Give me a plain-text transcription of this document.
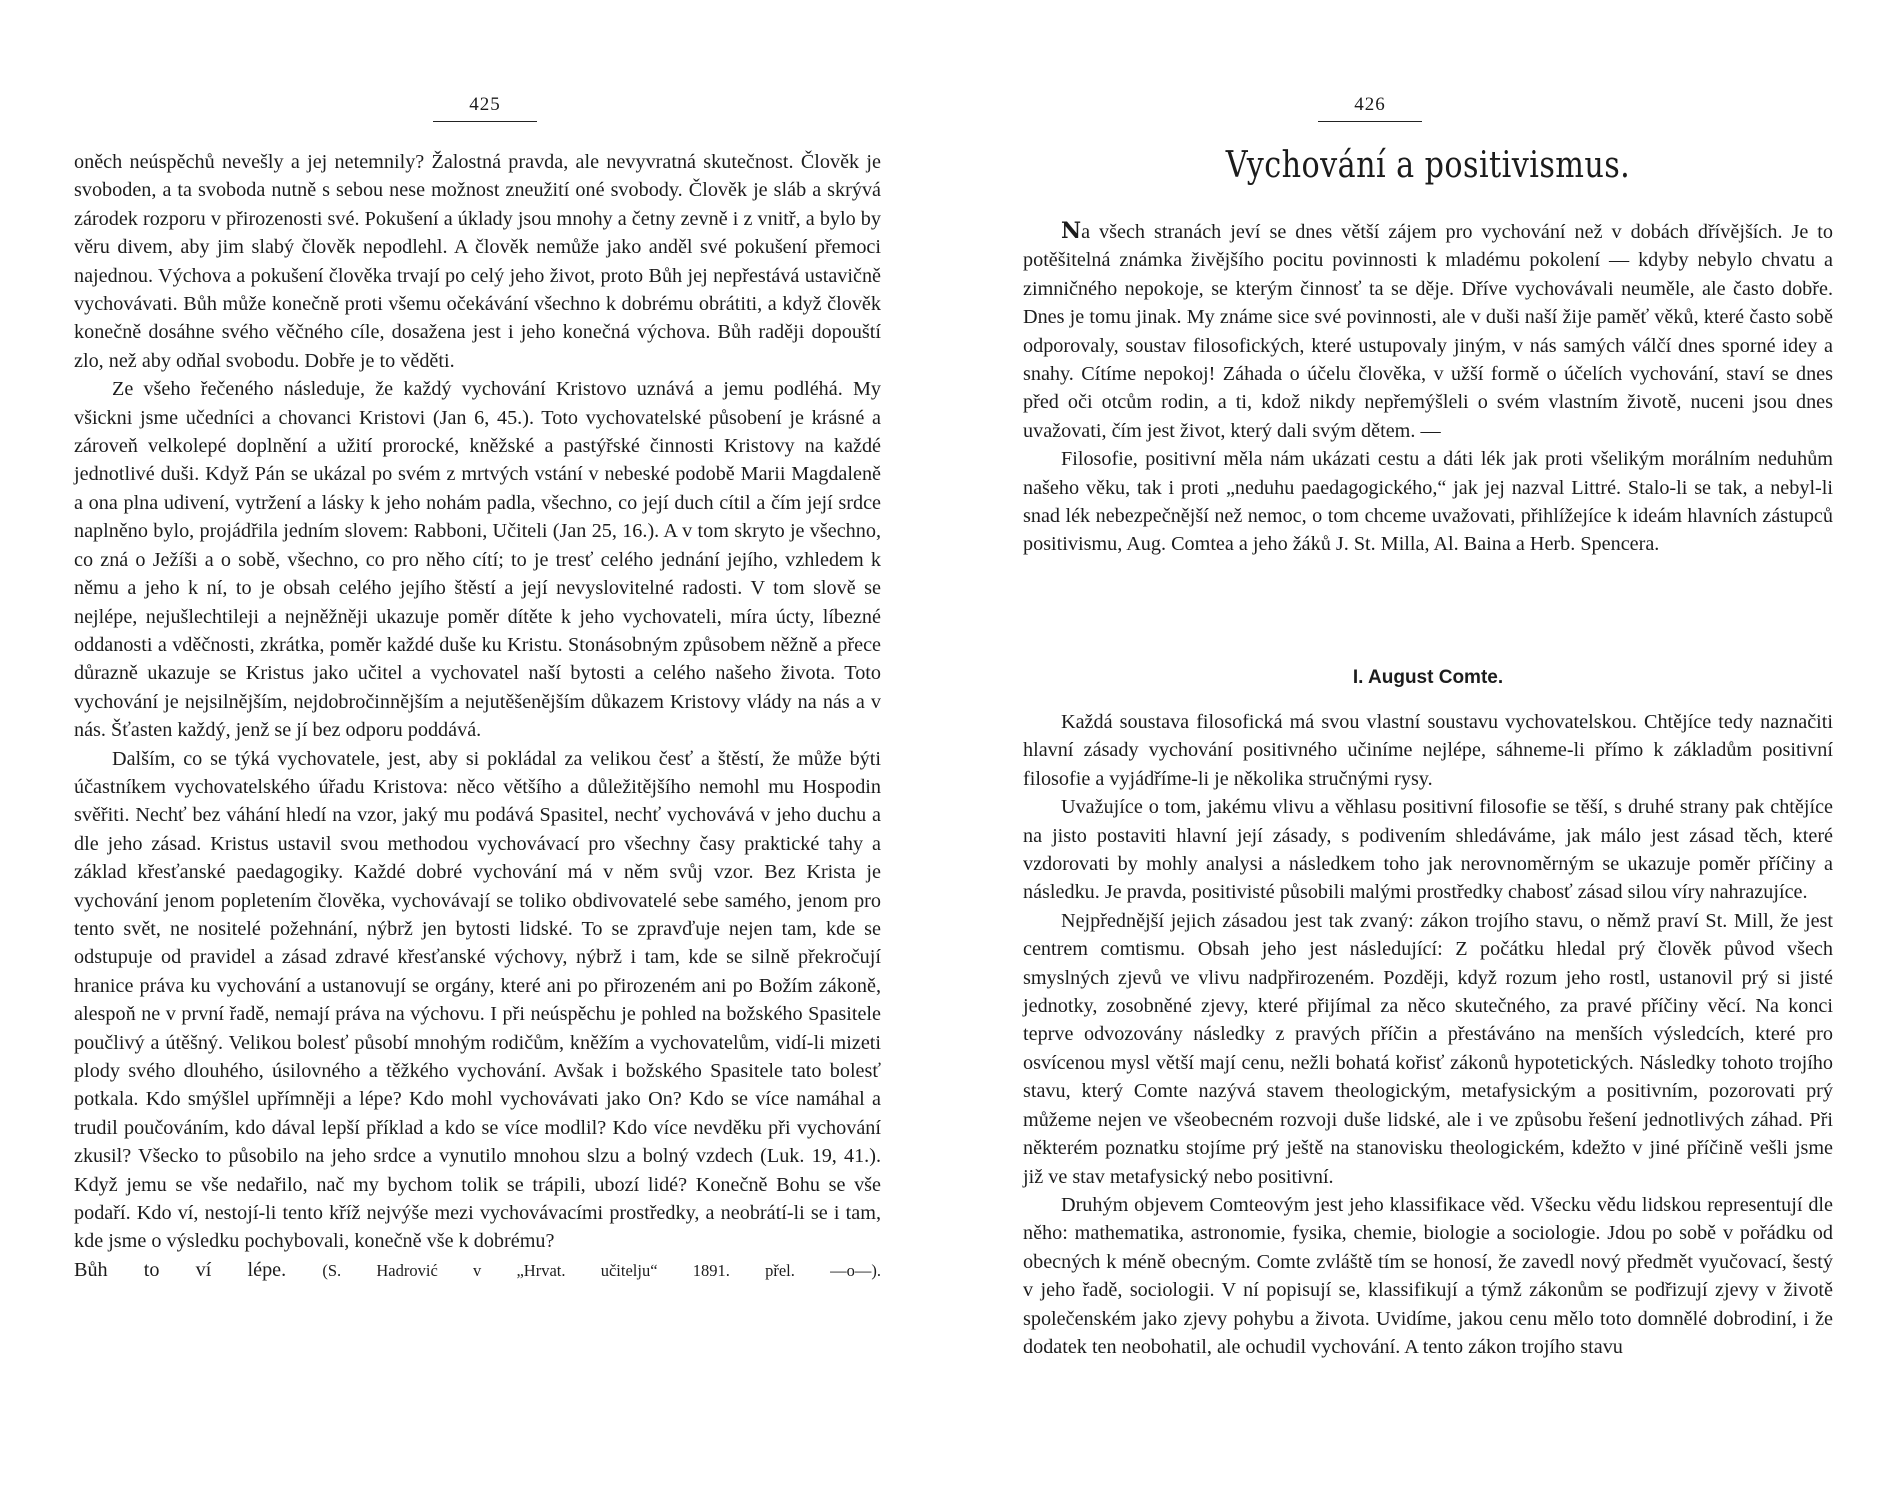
425

oněch neúspěchů nevešly a jej netemnily? Žalostná pravda, ale nevyvratná skutečnost. Člověk je svoboden, a ta svoboda nutně s sebou nese možnost zneužití oné svobody. Člověk je sláb a skrývá zárodek rozporu v přirozenosti své. Pokušení a úklady jsou mnohy a četny zevně i z vnitř, a bylo by věru divem, aby jim slabý člověk nepodlehl. A člověk nemůže jako anděl své pokušení přemoci najednou. Výchova a pokušení člověka trvají po celý jeho život, proto Bůh jej nepřestává ustavičně vychovávati. Bůh může konečně proti všemu očekávání všechno k dobrému obrátiti, a když člověk konečně dosáhne svého věčného cíle, dosažena jest i jeho konečná výchova. Bůh raději dopouští zlo, než aby odňal svobodu. Dobře je to věděti.

Ze všeho řečeného následuje, že každý vychování Kristovo uznává a jemu podléhá. My všickni jsme učedníci a chovanci Kristovi (Jan 6, 45.). Toto vychovatelské působení je krásné a zároveň velkolepé doplnění a užití prorocké, kněžské a pastýřské činnosti Kristovy na každé jednotlivé duši. Když Pán se ukázal po svém z mrtvých vstání v nebeské podobě Marii Magdaleně a ona plna udivení, vytržení a lásky k jeho nohám padla, všechno, co její duch cítil a čím její srdce naplněno bylo, projádřila jedním slovem: Rabboni, Učiteli (Jan 25, 16.). A v tom skryto je všechno, co zná o Ježíši a o sobě, všechno, co pro něho cítí; to je tresť celého jednání jejího, vzhledem k němu a jeho k ní, to je obsah celého jejího štěstí a její nevyslovitelné radosti. V tom slově se nejlépe, nejušlechtileji a nejněžněji ukazuje poměr dítěte k jeho vychovateli, míra úcty, líbezné oddanosti a vděčnosti, zkrátka, poměr každé duše ku Kristu. Stonásobným způsobem něžně a přece důrazně ukazuje se Kristus jako učitel a vychovatel naší bytosti a celého našeho života. Toto vychování je nejsilnějším, nejdobročinnějším a nejutěšenějším důkazem Kristovy vlády na nás a v nás. Šťasten každý, jenž se jí bez odporu poddává.

Dalším, co se týká vychovatele, jest, aby si pokládal za velikou česť a štěstí, že může býti účastníkem vychovatelského úřadu Kristova: něco většího a důležitějšího nemohl mu Hospodin svěřiti. Nechť bez váhání hledí na vzor, jaký mu podává Spasitel, nechť vychovává v jeho duchu a dle jeho zásad. Kristus ustavil svou methodou vychovávací pro všechny časy praktické tahy a základ křesťanské paedagogiky. Každé dobré vychování má v něm svůj vzor. Bez Krista je vychování jenom popletením člověka, vychovávají se toliko obdivovatelé sebe samého, jenom pro tento svět, ne nositelé požehnání, nýbrž jen bytosti lidské. To se zpravďuje nejen tam, kde se odstupuje od pravidel a zásad zdravé křesťanské výchovy, nýbrž i tam, kde se silně překročují hranice práva ku vychování a ustanovují se orgány, které ani po přirozeném ani po Božím zákoně, alespoň ne v první řadě, nemají práva na výchovu. I při neúspěchu je pohled na božského Spasitele poučlivý a útěšný. Velikou bolesť působí mnohým rodičům, kněžím a vychovatelům, vidí-li mizeti plody svého dlouhého, úsilovného a těžkého vychování. Avšak i božského Spasitele tato bolesť potkala. Kdo smýšlel upřímněji a lépe? Kdo mohl vychovávati jako On? Kdo se více namáhal a trudil poučováním, kdo dával lepší příklad a kdo se více modlil? Kdo více nevděku při vychování zkusil? Všecko to působilo na jeho srdce a vynutilo mnohou slzu a bolný vzdech (Luk. 19, 41.). Když jemu se vše nedařilo, nač my bychom tolik se trápili, ubozí lidé? Konečně Bohu se vše podaří. Kdo ví, nestojí-li tento kříž nejvýše mezi vychovávacími prostředky, a neobrátí-li se i tam, kde jsme o výsledku pochybovali, konečně vše k dobrému?

Bůh to ví lépe. (S. Hadrović v „Hrvat. učitelju“ 1891. přel. —o—).

426
Vychování a positivismus.

Na všech stranách jeví se dnes větší zájem pro vychování než v dobách dřívějších. Je to potěšitelná známka živějšího pocitu povinnosti k mladému pokolení — kdyby nebylo chvatu a zimničného nepokoje, se kterým činnosť ta se děje. Dříve vychovávali neuměle, ale často dobře. Dnes je tomu jinak. My známe sice své povinnosti, ale v duši naší žije paměť věků, které často sobě odporovaly, soustav filosofických, které ustupovaly jiným, v nás samých válčí dnes sporné idey a snahy. Cítíme nepokoj! Záhada o účelu člověka, v užší formě o účelích vychování, staví se dnes před oči otcům rodin, a ti, kdož nikdy nepřemýšleli o svém vlastním životě, nuceni jsou dnes uvažovati, čím jest život, který dali svým dětem. —

Filosofie, positivní měla nám ukázati cestu a dáti lék jak proti všelikým morálním neduhům našeho věku, tak i proti „neduhu paedagogického,“ jak jej nazval Littré. Stalo-li se tak, a nebyl-li snad lék nebezpečnější než nemoc, o tom chceme uvažovati, přihlížejíce k ideám hlavních zástupců positivismu, Aug. Comtea a jeho žáků J. St. Milla, Al. Baina a Herb. Spencera.

I. August Comte.

Každá soustava filosofická má svou vlastní soustavu vychovatelskou. Chtějíce tedy naznačiti hlavní zásady vychování positivného učiníme nejlépe, sáhneme-li přímo k základům positivní filosofie a vyjádříme-li je několika stručnými rysy.

Uvažujíce o tom, jakému vlivu a věhlasu positivní filosofie se těší, s druhé strany pak chtějíce na jisto postaviti hlavní její zásady, s podivením shledáváme, jak málo jest zásad těch, které vzdorovati by mohly analysi a následkem toho jak nerovnoměrným se ukazuje poměr příčiny a následku. Je pravda, positivisté působili malými prostředky chabosť zásad silou víry nahrazujíce.

Nejpřednější jejich zásadou jest tak zvaný: zákon trojího stavu, o němž praví St. Mill, že jest centrem comtismu. Obsah jeho jest následující: Z počátku hledal prý člověk původ všech smyslných zjevů ve vlivu nadpřirozeném. Později, když rozum jeho rostl, ustanovil prý si jisté jednotky, zosobněné zjevy, které přijímal za něco skutečného, za pravé příčiny věcí. Na konci teprve odvozovány následky z pravých příčin a přestáváno na menších výsledcích, které pro osvícenou mysl větší mají cenu, nežli bohatá kořisť zákonů hypotetických. Následky tohoto trojího stavu, který Comte nazývá stavem theologickým, metafysickým a positivním, pozorovati prý můžeme nejen ve všeobecném rozvoji duše lidské, ale i ve způsobu řešení jednotlivých záhad. Při některém poznatku stojíme prý ještě na stanovisku theologickém, kdežto v jiné příčině vešli jsme již ve stav metafysický nebo positivní.

Druhým objevem Comteovým jest jeho klassifikace věd. Všecku vědu lidskou representují dle něho: mathematika, astronomie, fysika, chemie, biologie a sociologie. Jdou po sobě v pořádku od obecných k méně obecným. Comte zvláště tím se honosí, že zavedl nový předmět vyučovací, šestý v jeho řadě, sociologii. V ní popisují se, klassifikují a týmž zákonům se podřizují zjevy v životě společenském jako zjevy pohybu a života. Uvidíme, jakou cenu mělo toto domnělé dobrodiní, i že dodatek ten neobohatil, ale ochudil vychování. A tento zákon trojího stavu
